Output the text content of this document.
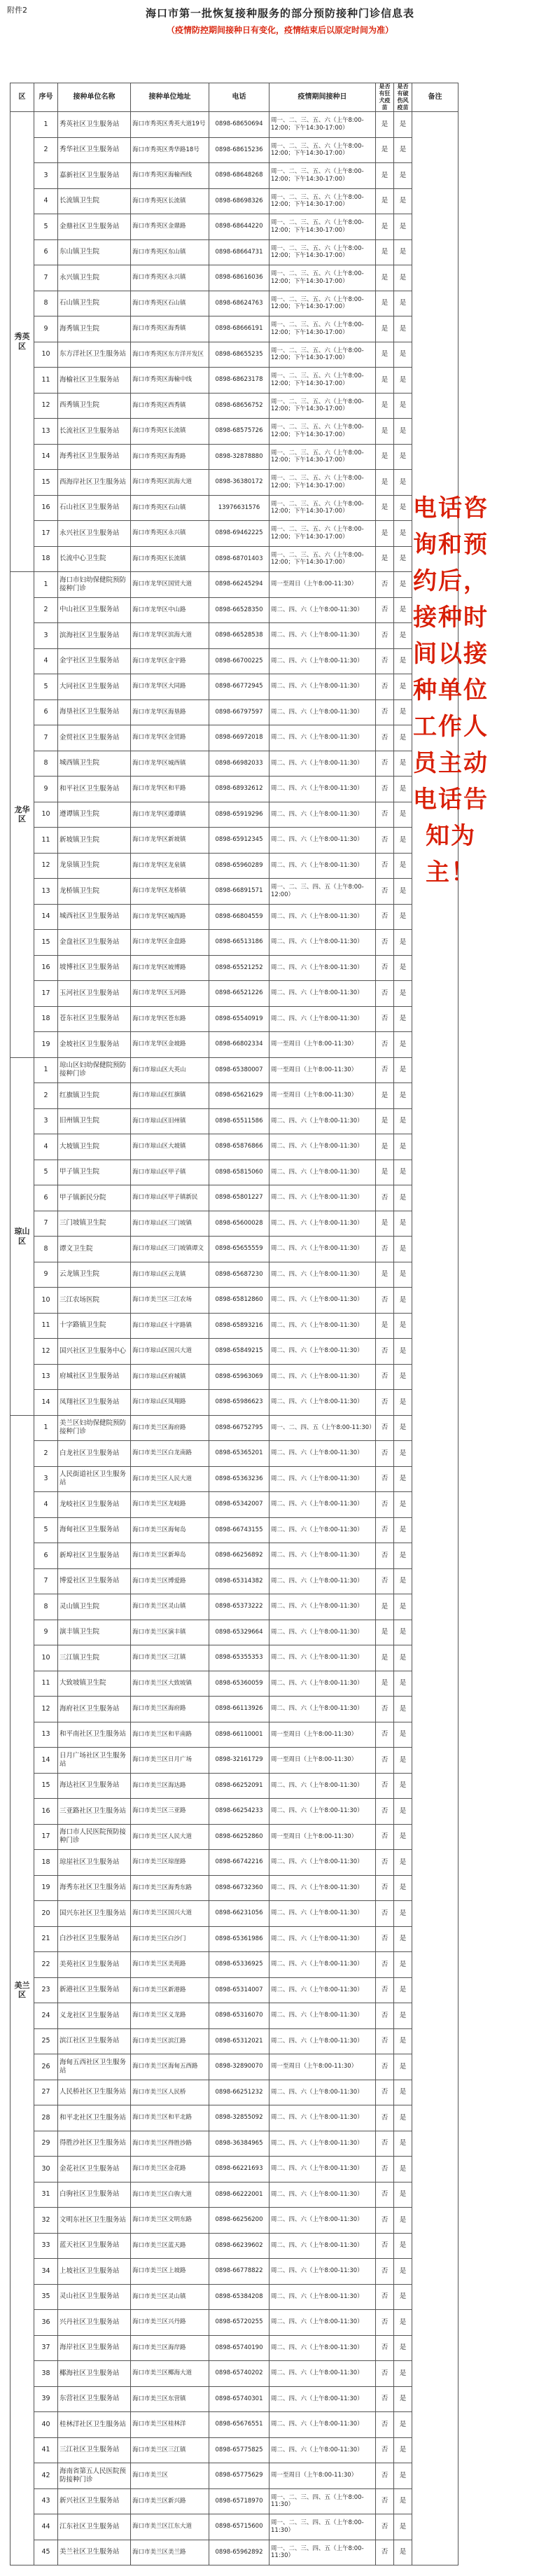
附件2	海口市第一批恢复接种服务的部分预防接种门诊信息表
（疫情防控期间接种日有变化，疫情结束后以原定时间为准）
区	序号	接种单位名称	接种单位地址	电话	疫情期间接种日	是否有狂犬疫苗	是否有破伤风疫苗	备注
秀英区	1	秀英社区卫生服务站	海口市秀英区秀英大道19号	0898-68650694	周一、二、三、五、六（上午8:00-12:00；下午14:30-17:00）	是	是	电话咨询和预约后，接种时间以接种单位工作人员主动电话告知为主！

	2	秀华社区卫生服务站	海口市秀英区秀华路18号	0898-68615236	周一、二、三、五、六（上午8:00-12:00；下午14:30-17:00）	是	是	
	3	嘉新社区卫生服务站	海口市秀英区海榆西线	0898-68648268	周一、二、三、五、六（上午8:00-12:00；下午14:30-17:00）	是	是	
	4	长流镇卫生院	海口市秀英区长流镇	0898-68698326	周一、二、三、五、六（上午8:00-12:00；下午14:30-17:00）	是	是	
	5	金鼎社区卫生服务站	海口市秀英区金鼎路	0898-68644220	周一、二、三、五、六（上午8:00-12:00；下午14:30-17:00）	是	是	
	6	东山镇卫生院	海口市秀英区东山镇	0898-68664731	周一、二、三、五、六（上午8:00-12:00；下午14:30-17:00）	是	是	
	7	永兴镇卫生院	海口市秀英区永兴镇	0898-68616036	周一、二、三、五、六（上午8:00-12:00；下午14:30-17:00）	是	是	
	8	石山镇卫生院	海口市秀英区石山镇	0898-68624763	周一、二、三、五、六（上午8:00-12:00；下午14:30-17:00）	是	是	
	9	海秀镇卫生院	海口市秀英区海秀镇	0898-68666191	周一、二、三、五、六（上午8:00-12:00；下午14:30-17:00）	是	是	
	10	东方洋社区卫生服务站	海口市秀英区东方洋开发区	0898-68655235	周一、二、三、五、六（上午8:00-12:00；下午14:30-17:00）	是	是	
	11	海榆社区卫生服务站	海口市秀英区海榆中线	0898-68623178	周一、二、三、五、六（上午8:00-12:00；下午14:30-17:00）	是	是	
	12	西秀镇卫生院	海口市秀英区西秀镇	0898-68656752	周一、二、三、五、六（上午8:00-12:00；下午14:30-17:00）	是	是	
	13	长流社区卫生服务站	海口市秀英区长流镇	0898-68575726	周一、二、三、五、六（上午8:00-12:00；下午14:30-17:00）	是	是	
	14	海秀社区卫生服务站	海口市秀英区海秀路	0898-32878880	周一、二、三、五、六（上午8:00-12:00；下午14:30-17:00）	是	是	
	15	西海岸社区卫生服务站	海口市秀英区滨海大道	0898-36380172	周一、二、三、五、六（上午8:00-12:00；下午14:30-17:00）	是	是	
	16	石山社区卫生服务站	海口市秀英区石山镇	13976631576	周一、二、三、五、六（上午8:00-12:00；下午14:30-17:00）	是	是	
	17	永兴社区卫生服务站	海口市秀英区永兴镇	0898-69462225	周一、二、三、五、六（上午8:00-12:00；下午14:30-17:00）	是	是	
	18	长流中心卫生院	海口市秀英区长流镇	0898-68701403	周一、二、三、五、六（上午8:00-12:00；下午14:30-17:00）	是	是	
龙华区	1	海口市妇幼保健院预防接种门诊	海口市龙华区国贸大道	0898-66245294	周一至周日（上午8:00-11:30）	否	是	
	2	中山社区卫生服务站	海口市龙华区中山路	0898-66528350	周二、四、六（上午8:00-11:30）	否	是	
	3	滨海社区卫生服务站	海口市龙华区滨海大道	0898-66528538	周二、四、六（上午8:00-11:30）	否	是	
	4	金宇社区卫生服务站	海口市龙华区金宇路	0898-66700225	周二、四、六（上午8:00-11:30）	否	是	
	5	大同社区卫生服务站	海口市龙华区大同路	0898-66772945	周二、四、六（上午8:00-11:30）	否	是	
	6	海垦社区卫生服务站	海口市龙华区海垦路	0898-66797597	周二、四、六（上午8:00-11:30）	否	是	
	7	金贸社区卫生服务站	海口市龙华区金贸路	0898-66972018	周二、四、六（上午8:00-11:30）	否	是	
	8	城西镇卫生院	海口市龙华区城西镇	0898-66982033	周二、四、六（上午8:00-11:30）	否	是	
	9	和平社区卫生服务站	海口市龙华区和平路	0898-68932612	周二、四、六（上午8:00-11:30）	否	是	
	10	遵谭镇卫生院	海口市龙华区遵谭镇	0898-65919296	周二、四、六（上午8:00-11:30）	否	是	
	11	新坡镇卫生院	海口市龙华区新坡镇	0898-65912345	周二、四、六（上午8:00-11:30）	否	是	
	12	龙泉镇卫生院	海口市龙华区龙泉镇	0898-65960289	周二、四、六（上午8:00-11:30）	否	是	
	13	龙桥镇卫生院	海口市龙华区龙桥镇	0898-66891571	周一、二、三、四、五（上午8:00-12:00）	否	是	
	14	城西社区卫生服务站	海口市龙华区城西路	0898-66804559	周二、四、六（上午8:00-11:30）	否	是	
	15	金盘社区卫生服务站	海口市龙华区金盘路	0898-66513186	周二、四、六（上午8:00-11:30）	否	是	
	16	坡博社区卫生服务站	海口市龙华区坡博路	0898-65521252	周二、四、六（上午8:00-11:30）	否	是	
	17	玉河社区卫生服务站	海口市龙华区玉河路	0898-66521226	周二、四、六（上午8:00-11:30）	否	是	
	18	苍东社区卫生服务站	海口市龙华区苍东路	0898-65540919	周二、四、六（上午8:00-11:30）	否	是	
	19	金坡社区卫生服务站	海口市龙华区金坡路	0898-66802334	周一至周日（上午8:00-11:30）	否	是	
琼山区	1	琼山区妇幼保健院预防接种门诊	海口市琼山区大英山	0898-65380007	周一至周日（上午8:00-11:30）	否	是	
	2	红旗镇卫生院	海口市琼山区红旗镇	0898-65621629	周一至周日（上午8:00-11:30）	是	是	
	3	旧州镇卫生院	海口市琼山区旧州镇	0898-65511586	周二、四、六（上午8:00-11:30）	是	是	
	4	大坡镇卫生院	海口市琼山区大坡镇	0898-65876866	周二、四、六（上午8:00-11:30）	是	是	
	5	甲子镇卫生院	海口市琼山区甲子镇	0898-65815060	周二、四、六（上午8:00-11:30）	是	是	
	6	甲子镇新民分院	海口市琼山区甲子镇新民	0898-65801227	周二、四、六（上午8:00-11:30）	否	是	
	7	三门坡镇卫生院	海口市琼山区三门坡镇	0898-65600028	周二、四、六（上午8:00-11:30）	是	是	
	8	谭文卫生院	海口市琼山区三门坡镇谭文	0898-65655559	周二、四、六（上午8:00-11:30）	否	是	
	9	云龙镇卫生院	海口市琼山区云龙镇	0898-65687230	周二、四、六（上午8:00-11:30）	是	是	
	10	三江农场医院	海口市美兰区三江农场	0898-65812860	周二、四、六（上午8:00-11:30）	否	是	
	11	十字路镇卫生院	海口市琼山区十字路镇	0898-65893216	周二、四、六（上午8:00-11:30）	是	是	
	12	国兴社区卫生服务中心	海口市琼山区国兴大道	0898-65849215	周二、四、六（上午8:00-11:30）	否	是	
	13	府城社区卫生服务站	海口市琼山区府城镇	0898-65963069	周二、四、六（上午8:00-11:30）	否	是	
	14	凤翔社区卫生服务站	海口市琼山区凤翔路	0898-65986623	周二、四、六（上午8:00-11:30）	否	是	
美兰区	1	美兰区妇幼保健院预防接种门诊	海口市美兰区海府路	0898-66752795	周一、二、四、五（上午8:00-11:30）	否	是	
	2	白龙社区卫生服务站	海口市美兰区白龙南路	0898-65365201	周二、四、六（上午8:00-11:30）	否	是	
	3	人民街道社区卫生服务站	海口市美兰区人民大道	0898-65363236	周二、四、六（上午8:00-11:30）	否	是	
	4	龙岐社区卫生服务站	海口市美兰区龙岐路	0898-65342007	周二、四、六（上午8:00-11:30）	否	是	
	5	海甸社区卫生服务站	海口市美兰区海甸岛	0898-66743155	周二、四、六（上午8:00-11:30）	否	是	
	6	新埠社区卫生服务站	海口市美兰区新埠岛	0898-66256892	周二、四、六（上午8:00-11:30）	否	是	
	7	博爱社区卫生服务站	海口市美兰区博爱路	0898-65314382	周二、四、六（上午8:00-11:30）	否	是	
	8	灵山镇卫生院	海口市美兰区灵山镇	0898-65373222	周二、四、六（上午8:00-11:30）	是	是	
	9	演丰镇卫生院	海口市美兰区演丰镇	0898-65329664	周二、四、六（上午8:00-11:30）	是	是	
	10	三江镇卫生院	海口市美兰区三江镇	0898-65355353	周二、四、六（上午8:00-11:30）	是	是	
	11	大致坡镇卫生院	海口市美兰区大致坡镇	0898-65360059	周二、四、六（上午8:00-11:30）	是	是	
	12	海府社区卫生服务站	海口市美兰区海府路	0898-66113926	周二、四、六（上午8:00-11:30）	否	是	
	13	和平南社区卫生服务站	海口市美兰区和平南路	0898-66110001	周一至周日（上午8:00-11:30）	否	是	
	14	日月广场社区卫生服务站	海口市美兰区日月广场	0898-32161729	周一至周日（上午8:00-11:30）	否	是	
	15	海达社区卫生服务站	海口市美兰区海达路	0898-66252091	周二、四、六（上午8:00-11:30）	否	是	
	16	三亚路社区卫生服务站	海口市美兰区三亚路	0898-66254233	周二、四、六（上午8:00-11:30）	否	是	
	17	海口市人民医院预防接种门诊	海口市美兰区人民大道	0898-66252860	周一至周日（上午8:00-11:30）	否	是	
	18	琼崖社区卫生服务站	海口市美兰区琼崖路	0898-66742216	周二、四、六（上午8:00-11:30）	否	是	
	19	海秀东社区卫生服务站	海口市美兰区海秀东路	0898-66732360	周二、四、六（上午8:00-11:30）	否	是	
	20	国兴东社区卫生服务站	海口市美兰区国兴大道	0898-66231056	周二、四、六（上午8:00-11:30）	否	是	
	21	白沙社区卫生服务站	海口市美兰区白沙门	0898-65361986	周二、四、六（上午8:00-11:30）	否	是	
	22	美苑社区卫生服务站	海口市美兰区美苑路	0898-65336925	周二、四、六（上午8:00-11:30）	否	是	
	23	新港社区卫生服务站	海口市美兰区新港路	0898-65314007	周二、四、六（上午8:00-11:30）	否	是	
	24	义龙社区卫生服务站	海口市美兰区义龙路	0898-65316070	周二、四、六（上午8:00-11:30）	否	是	
	25	滨江社区卫生服务站	海口市美兰区滨江路	0898-65312021	周二、四、六（上午8:00-11:30）	否	是	
	26	海甸五西社区卫生服务站	海口市美兰区海甸五西路	0898-32890070	周一至周日（上午8:00-11:30）	否	是	
	27	人民桥社区卫生服务站	海口市美兰区人民桥	0898-66251232	周二、四、六（上午8:00-11:30）	否	是	
	28	和平北社区卫生服务站	海口市美兰区和平北路	0898-32855092	周二、四、六（上午8:00-11:30）	否	是	
	29	得胜沙社区卫生服务站	海口市美兰区得胜沙路	0898-36384965	周二、四、六（上午8:00-11:30）	否	是	
	30	金花社区卫生服务站	海口市美兰区金花路	0898-66221693	周二、四、六（上午8:00-11:30）	否	是	
	31	白驹社区卫生服务站	海口市美兰区白驹大道	0898-66222001	周二、四、六（上午8:00-11:30）	否	是	
	32	文明东社区卫生服务站	海口市美兰区文明东路	0898-66256200	周二、四、六（上午8:00-11:30）	否	是	
	33	蓝天社区卫生服务站	海口市美兰区蓝天路	0898-66239602	周二、四、六（上午8:00-11:30）	否	是	
	34	上坡社区卫生服务站	海口市美兰区上坡路	0898-66778822	周二、四、六（上午8:00-11:30）	否	是	
	35	灵山社区卫生服务站	海口市美兰区灵山镇	0898-65384208	周二、四、六（上午8:00-11:30）	否	是	
	36	兴丹社区卫生服务站	海口市美兰区兴丹路	0898-65720255	周二、四、六（上午8:00-11:30）	否	是	
	37	海岸社区卫生服务站	海口市美兰区海岸路	0898-65740190	周二、四、六（上午8:00-11:30）	否	是	
	38	椰海社区卫生服务站	海口市美兰区椰海大道	0898-65740202	周二、四、六（上午8:00-11:30）	否	是	
	39	东营社区卫生服务站	海口市美兰区东营镇	0898-65740301	周二、四、六（上午8:00-11:30）	否	是	
	40	桂林洋社区卫生服务站	海口市美兰区桂林洋	0898-65676551	周二、四、六（上午8:00-11:30）	否	是	
	41	三江社区卫生服务站	海口市美兰区三江镇	0898-65775825	周二、四、六（上午8:00-11:30）	否	是	
	42	海南省第五人民医院预防接种门诊	海口市美兰区	0898-65775629	周一至周日（上午8:00-11:30）	否	是	
	43	新兴社区卫生服务站	海口市美兰区新兴路	0898-65718970	周一、二、三、四、五（上午8:00-11:30）	否	是	
	44	江东社区卫生服务站	海口市美兰区江东大道	0898-65715600	周一、二、三、四、五（上午8:00-11:30）	否	是	
	45	美兰社区卫生服务站	海口市美兰区美兰路	0898-65962892	周一、二、三、四、五（上午8:00-11:30）	否	是	
